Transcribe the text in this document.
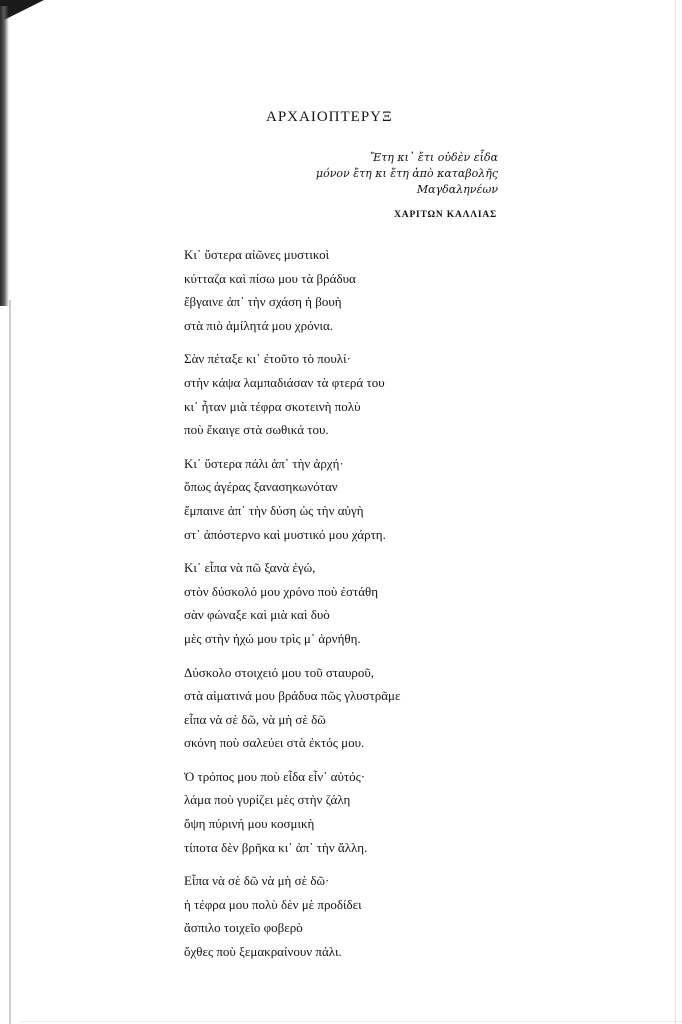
ΑΡΧΑΙΟΠΤΕΡΥΞ
Ἔτη κι᾽ ἔτι οὐδὲν εἶδα
μόνον ἔτη κι ἔτη ἀπὸ καταβολῆς
Μαγδαληνέων
ΧΑΡΙΤΩΝ ΚΑΛΛΙΑΣ
Κι᾽ ὕστερα αἰῶνες μυστικοὶ
κύτταζα καὶ πίσω μου τὰ βράδυα
ἔβγαινε ἀπ᾽ τὴν σχάση ἡ βουὴ
στὰ πιὸ ἀμίλητά μου χρόνια.
Σὰν πέταξε κι᾽ ἐτοῦτο τὸ πουλί·
στὴν κάψα λαμπαδιάσαν τὰ φτερά του
κι᾽ ἦταν μιὰ τέφρα σκοτεινὴ πολὺ
ποὺ ἔκαιγε στὰ σωθικά του.
Κι᾽ ὕστερα πάλι ἀπ᾽ τὴν ἀρχή·
ὅπως ἀγέρας ξανασηκωνόταν
ἔμπαινε ἀπ᾽ τὴν δύση ὡς τὴν αὐγὴ
στ᾽ ἀπόστερνο καὶ μυστικό μου χάρτη.
Κι᾽ εἶπα νὰ πῶ ξανὰ ἐγώ,
στὸν δύσκολό μου χρόνο ποὺ ἐστάθη
σὰν φώναξε καὶ μιὰ καὶ δυὸ
μὲς στὴν ἠχώ μου τρὶς μ᾽ ἀρνήθη.
Δύσκολο στοιχειό μου τοῦ σταυροῦ,
στὰ αἱματινά μου βράδυα πῶς γλυστρᾶμε
εἶπα νὰ σὲ δῶ, νὰ μὴ σὲ δῶ
σκόνη ποὺ σαλεύει στὰ ἐκτός μου.
Ὁ τρόπος μου ποὺ εἶδα εἶν᾽ αὐτός·
λάμα ποὺ γυρίζει μὲς στὴν ζάλη
ὄψη πύρινή μου κοσμικὴ
τίποτα δὲν βρῆκα κι᾽ ἀπ᾽ τὴν ἄλλη.
Εἶπα νὰ σὲ δῶ νὰ μὴ σὲ δῶ·
ἡ τέφρα μου πολὺ δὲν μὲ προδίδει
ἄσπιλο τοιχεῖο φοβερὸ
ὄχθες ποὺ ξεμακραίνουν πάλι.
